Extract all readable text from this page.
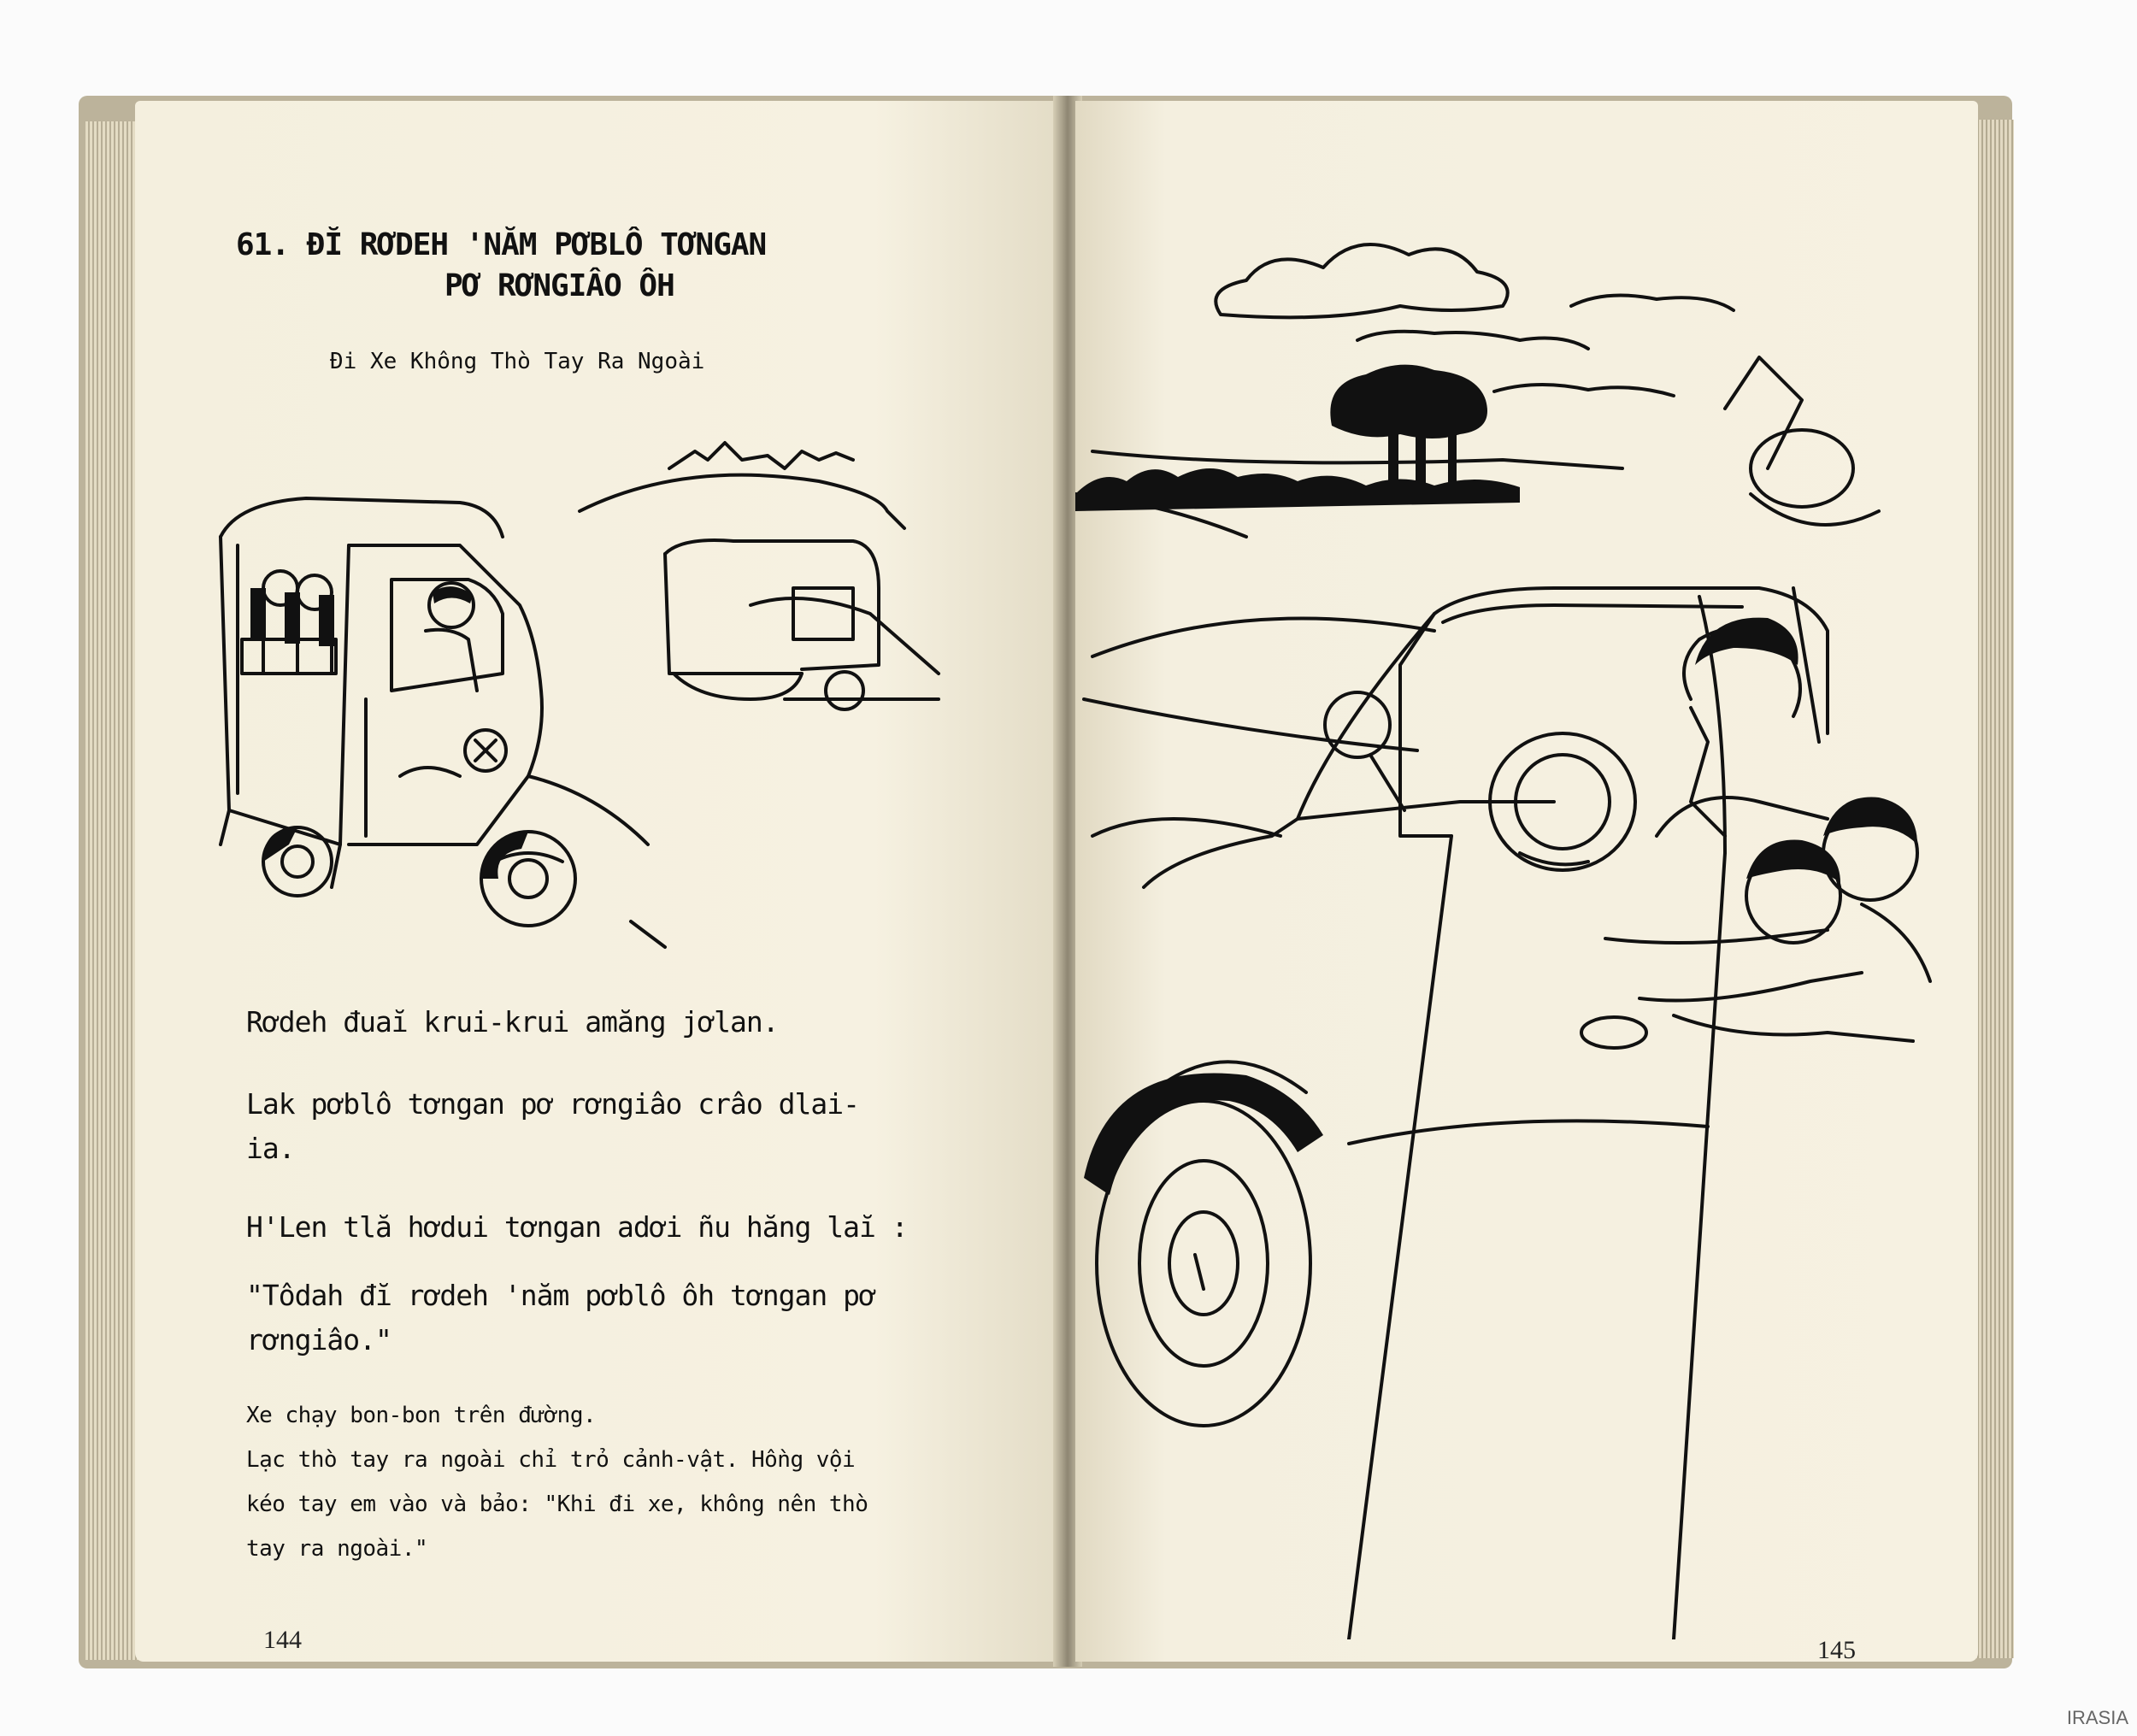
61. ĐĬ RƠDEH 'NĂM PƠBLÔ TƠNGAN
PƠ RƠNGIÂO ÔH
Đi Xe Không Thò Tay Ra Ngoài

Rơdeh đuaĭ krui-krui amăng jơlan.

Lak pơblô tơngan pơ rơngiâo crâo dlai-ia.

H'Len tlă hơdui tơngan adơi ñu hăng laĭ :

"Tôdah đĭ rơdeh 'năm pơblô ôh tơngan pơ rơngiâo."

Xe chạy bon-bon trên đường.
Lạc thò tay ra ngoài chỉ trỏ cảnh-vật. Hồng vội
kéo tay em vào và bảo: "Khi đi xe, không nên thò
tay ra ngoài."
144	145
IRASIA
